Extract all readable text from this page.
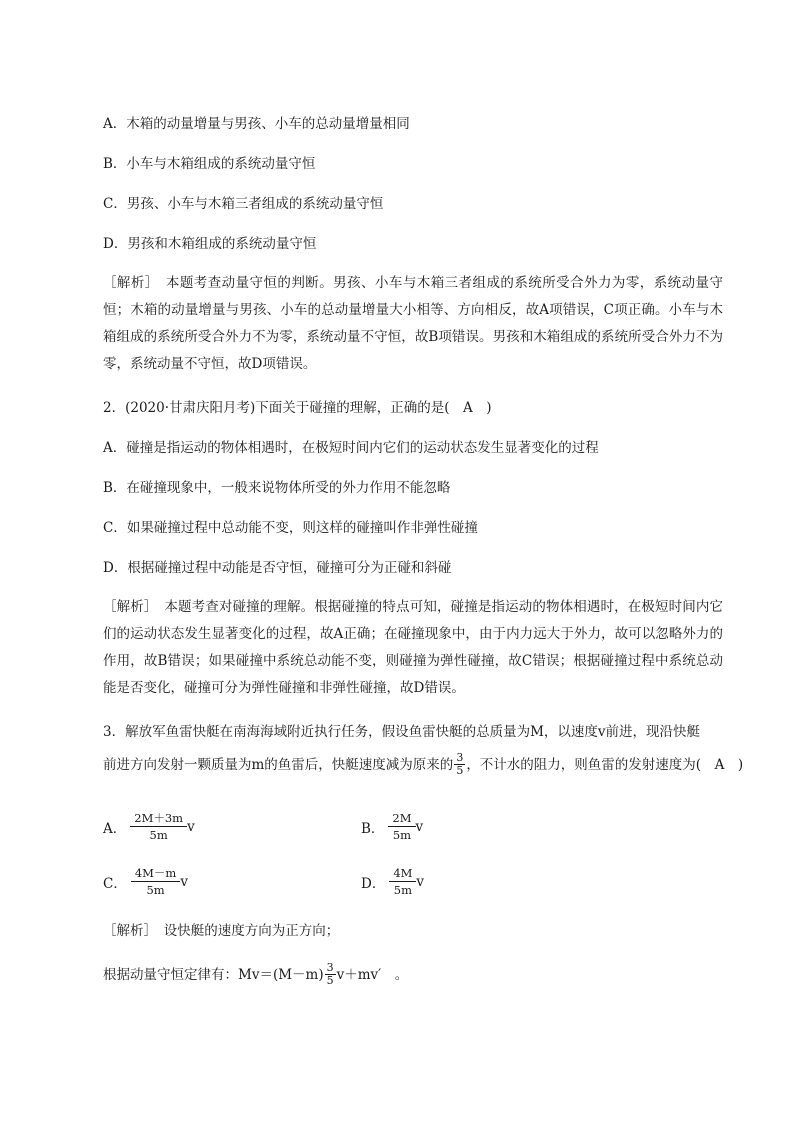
A．木箱的动量增量与男孩、小车的总动量增量相同
B．小车与木箱组成的系统动量守恒
C．男孩、小车与木箱三者组成的系统动量守恒
D．男孩和木箱组成的系统动量守恒
［解析］　本题考查动量守恒的判断。男孩、小车与木箱三者组成的系统所受合外力为零，系统动量守恒；木箱的动量增量与男孩、小车的总动量增量大小相等、方向相反，故A项错误，C项正确。小车与木箱组成的系统所受合外力不为零，系统动量不守恒，故B项错误。男孩和木箱组成的系统所受合外力不为零，系统动量不守恒，故D项错误。
2．(2020·甘肃庆阳月考)下面关于碰撞的理解，正确的是(　A　)
A．碰撞是指运动的物体相遇时，在极短时间内它们的运动状态发生显著变化的过程
B．在碰撞现象中，一般来说物体所受的外力作用不能忽略
C．如果碰撞过程中总动能不变，则这样的碰撞叫作非弹性碰撞
D．根据碰撞过程中动能是否守恒，碰撞可分为正碰和斜碰
［解析］　本题考查对碰撞的理解。根据碰撞的特点可知，碰撞是指运动的物体相遇时，在极短时间内它们的运动状态发生显著变化的过程，故A正确；在碰撞现象中，由于内力远大于外力，故可以忽略外力的作用，故B错误；如果碰撞中系统总动能不变，则碰撞为弹性碰撞，故C错误；根据碰撞过程中系统总动能是否变化，碰撞可分为弹性碰撞和非弹性碰撞，故D错误。
3．解放军鱼雷快艇在南海海域附近执行任务，假设鱼雷快艇的总质量为M，以速度v前进，现沿快艇
前进方向发射一颗质量为m的鱼雷后，快艇速度减为原来的 $\frac{3}{5}$ ，不计水的阻力，则鱼雷的发射速度为(　A　)
A． $\frac{2M+3m}{5m}$ v	B． $\frac{2M}{5m}$ v
C． $\frac{4M-m}{5m}$ v	D． $\frac{4M}{5m}$ v
［解析］　设快艇的速度方向为正方向；
根据动量守恒定律有：$Mv=(M-m) \frac{3}{5} v+mv'$　。
